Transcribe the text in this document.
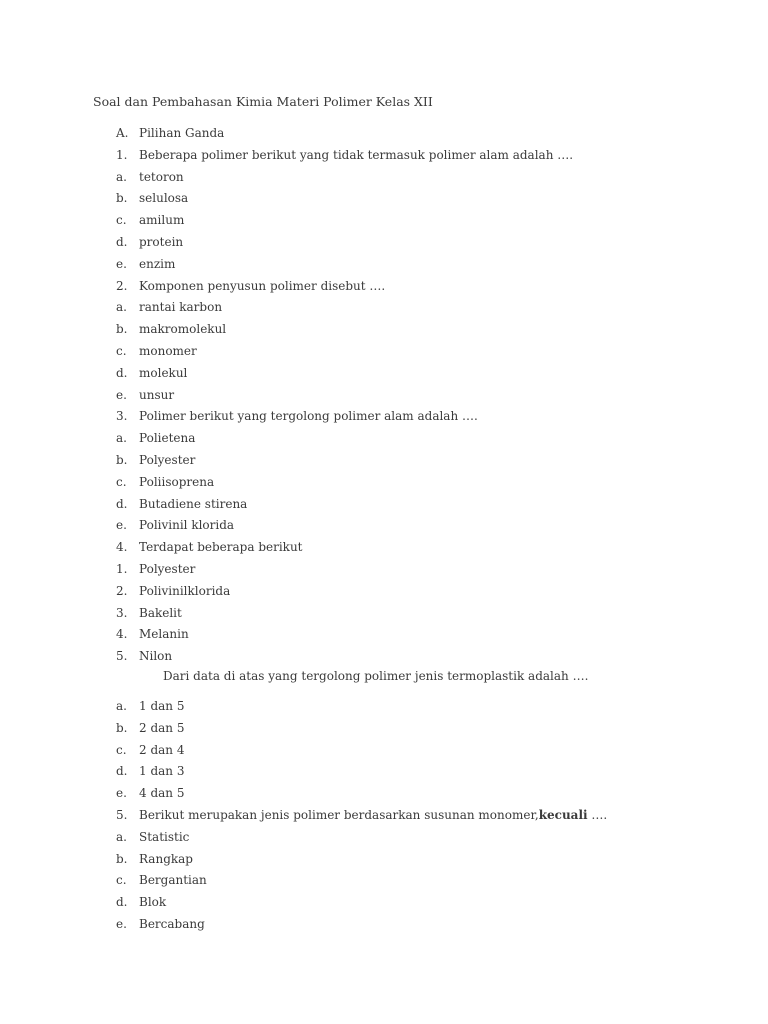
Soal dan Pembahasan Kimia Materi Polimer Kelas XII
A. Pilihan Ganda
1. Beberapa polimer berikut yang tidak termasuk polimer alam adalah ….
a. tetoron
b. selulosa
c. amilum
d. protein
e. enzim
2. Komponen penyusun polimer disebut ….
a. rantai karbon
b. makromolekul
c. monomer
d. molekul
e. unsur
3. Polimer berikut yang tergolong polimer alam adalah ….
a. Polietena
b. Polyester
c. Poliisoprena
d. Butadiene stirena
e. Polivinil klorida
4. Terdapat beberapa berikut
1. Polyester
2. Polivinilklorida
3. Bakelit
4. Melanin
5. Nilon
Dari data di atas yang tergolong polimer jenis termoplastik adalah ….
a. 1 dan 5
b. 2 dan 5
c. 2 dan 4
d. 1 dan 3
e. 4 dan 5
5. Berikut merupakan jenis polimer berdasarkan susunan monomer,kecuali ….
a. Statistic
b. Rangkap
c. Bergantian
d. Blok
e. Bercabang
